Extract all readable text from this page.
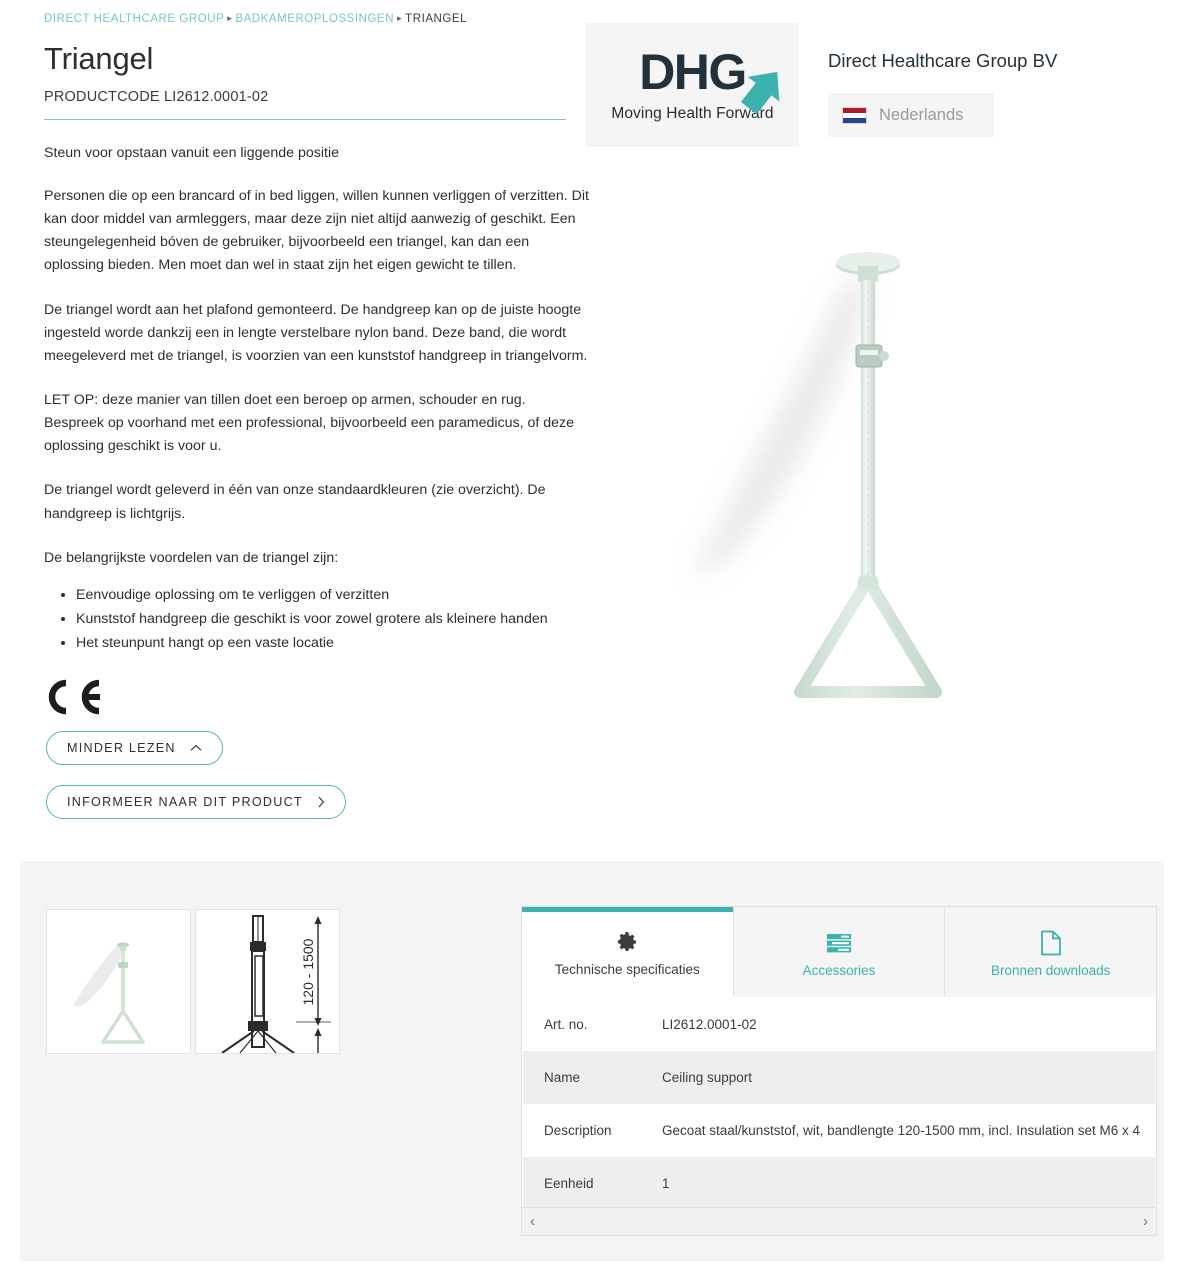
DIRECT HEALTHCARE GROUP ▸ BADKAMEROPLOSSINGEN ▸ TRIANGEL
Triangel
PRODUCTCODE LI2612.0001-02

Steun voor opstaan vanuit een liggende positie

Personen die op een brancard of in bed liggen, willen kunnen verliggen of verzitten. Dit kan door middel van armleggers, maar deze zijn niet altijd aanwezig of geschikt. Een steungelegenheid bóven de gebruiker, bijvoorbeeld een triangel, kan dan een oplossing bieden. Men moet dan wel in staat zijn het eigen gewicht te tillen.

De triangel wordt aan het plafond gemonteerd. De handgreep kan op de juiste hoogte ingesteld worde dankzij een in lengte verstelbare nylon band. Deze band, die wordt meegeleverd met de triangel, is voorzien van een kunststof handgreep in triangelvorm.

LET OP: deze manier van tillen doet een beroep op armen, schouder en rug. Bespreek op voorhand met een professional, bijvoorbeeld een paramedicus, of deze oplossing geschikt is voor u.

De triangel wordt geleverd in één van onze standaardkleuren (zie overzicht). De handgreep is lichtgrijs.

De belangrijkste voordelen van de triangel zijn:

• Eenvoudige oplossing om te verliggen of verzitten
• Kunststof handgreep die geschikt is voor zowel grotere als kleinere handen
• Het steunpunt hangt op een vaste locatie
MINDER LEZEN
INFORMEER NAAR DIT PRODUCT
DHG
Moving Health Forward
Direct Healthcare Group BV
Nederlands
120 - 1500	Technische specificaties	Accessories	Bronnen downloads
Art. no.	LI2612.0001-02
Name	Ceiling support
Description	Gecoat staal/kunststof, wit, bandlengte 120-1500 mm, incl. Insulation set M6 x 4
Eenheid	1
‹	›
